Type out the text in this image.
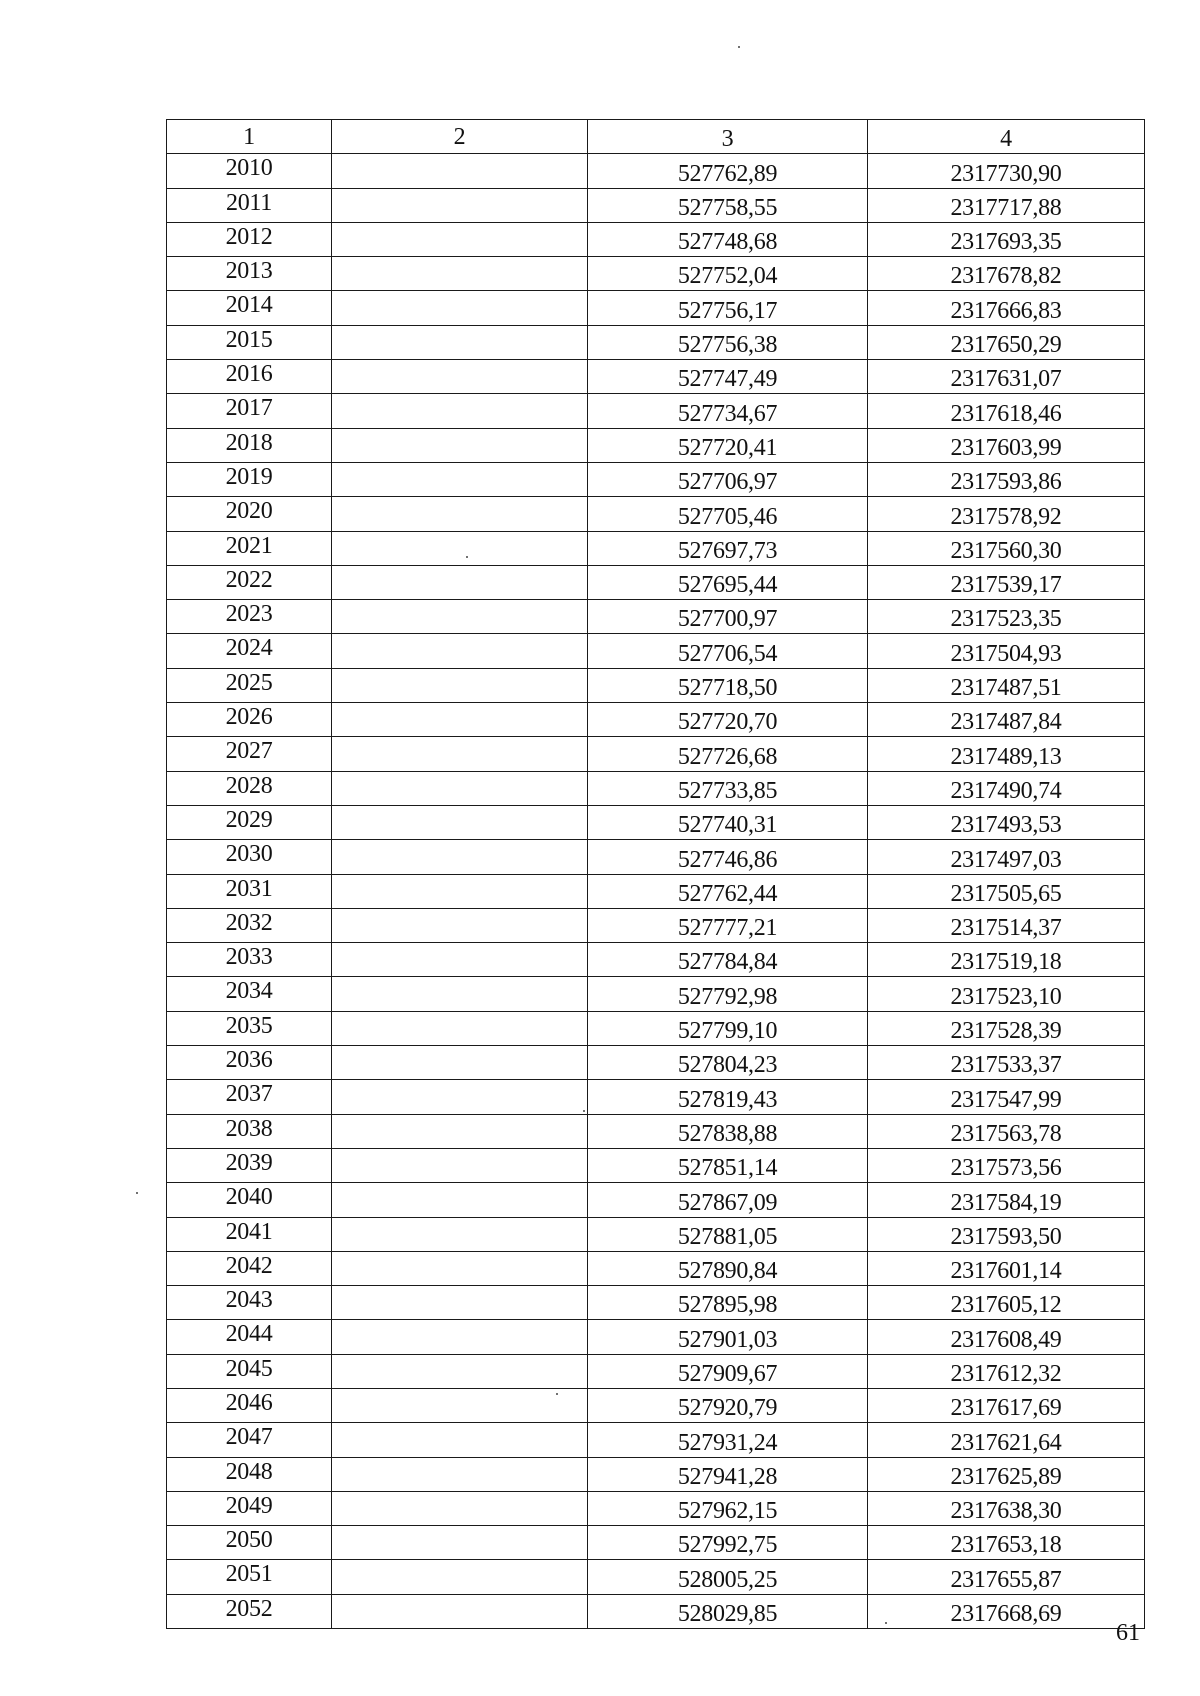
1	2	3	4
2010		527762,89	2317730,90
2011		527758,55	2317717,88
2012		527748,68	2317693,35
2013		527752,04	2317678,82
2014		527756,17	2317666,83
2015		527756,38	2317650,29
2016		527747,49	2317631,07
2017		527734,67	2317618,46
2018		527720,41	2317603,99
2019		527706,97	2317593,86
2020		527705,46	2317578,92
2021		527697,73	2317560,30
2022		527695,44	2317539,17
2023		527700,97	2317523,35
2024		527706,54	2317504,93
2025		527718,50	2317487,51
2026		527720,70	2317487,84
2027		527726,68	2317489,13
2028		527733,85	2317490,74
2029		527740,31	2317493,53
2030		527746,86	2317497,03
2031		527762,44	2317505,65
2032		527777,21	2317514,37
2033		527784,84	2317519,18
2034		527792,98	2317523,10
2035		527799,10	2317528,39
2036		527804,23	2317533,37
2037		527819,43	2317547,99
2038		527838,88	2317563,78
2039		527851,14	2317573,56
2040		527867,09	2317584,19
2041		527881,05	2317593,50
2042		527890,84	2317601,14
2043		527895,98	2317605,12
2044		527901,03	2317608,49
2045		527909,67	2317612,32
2046		527920,79	2317617,69
2047		527931,24	2317621,64
2048		527941,28	2317625,89
2049		527962,15	2317638,30
2050		527992,75	2317653,18
2051		528005,25	2317655,87
2052		528029,85	2317668,69
61
